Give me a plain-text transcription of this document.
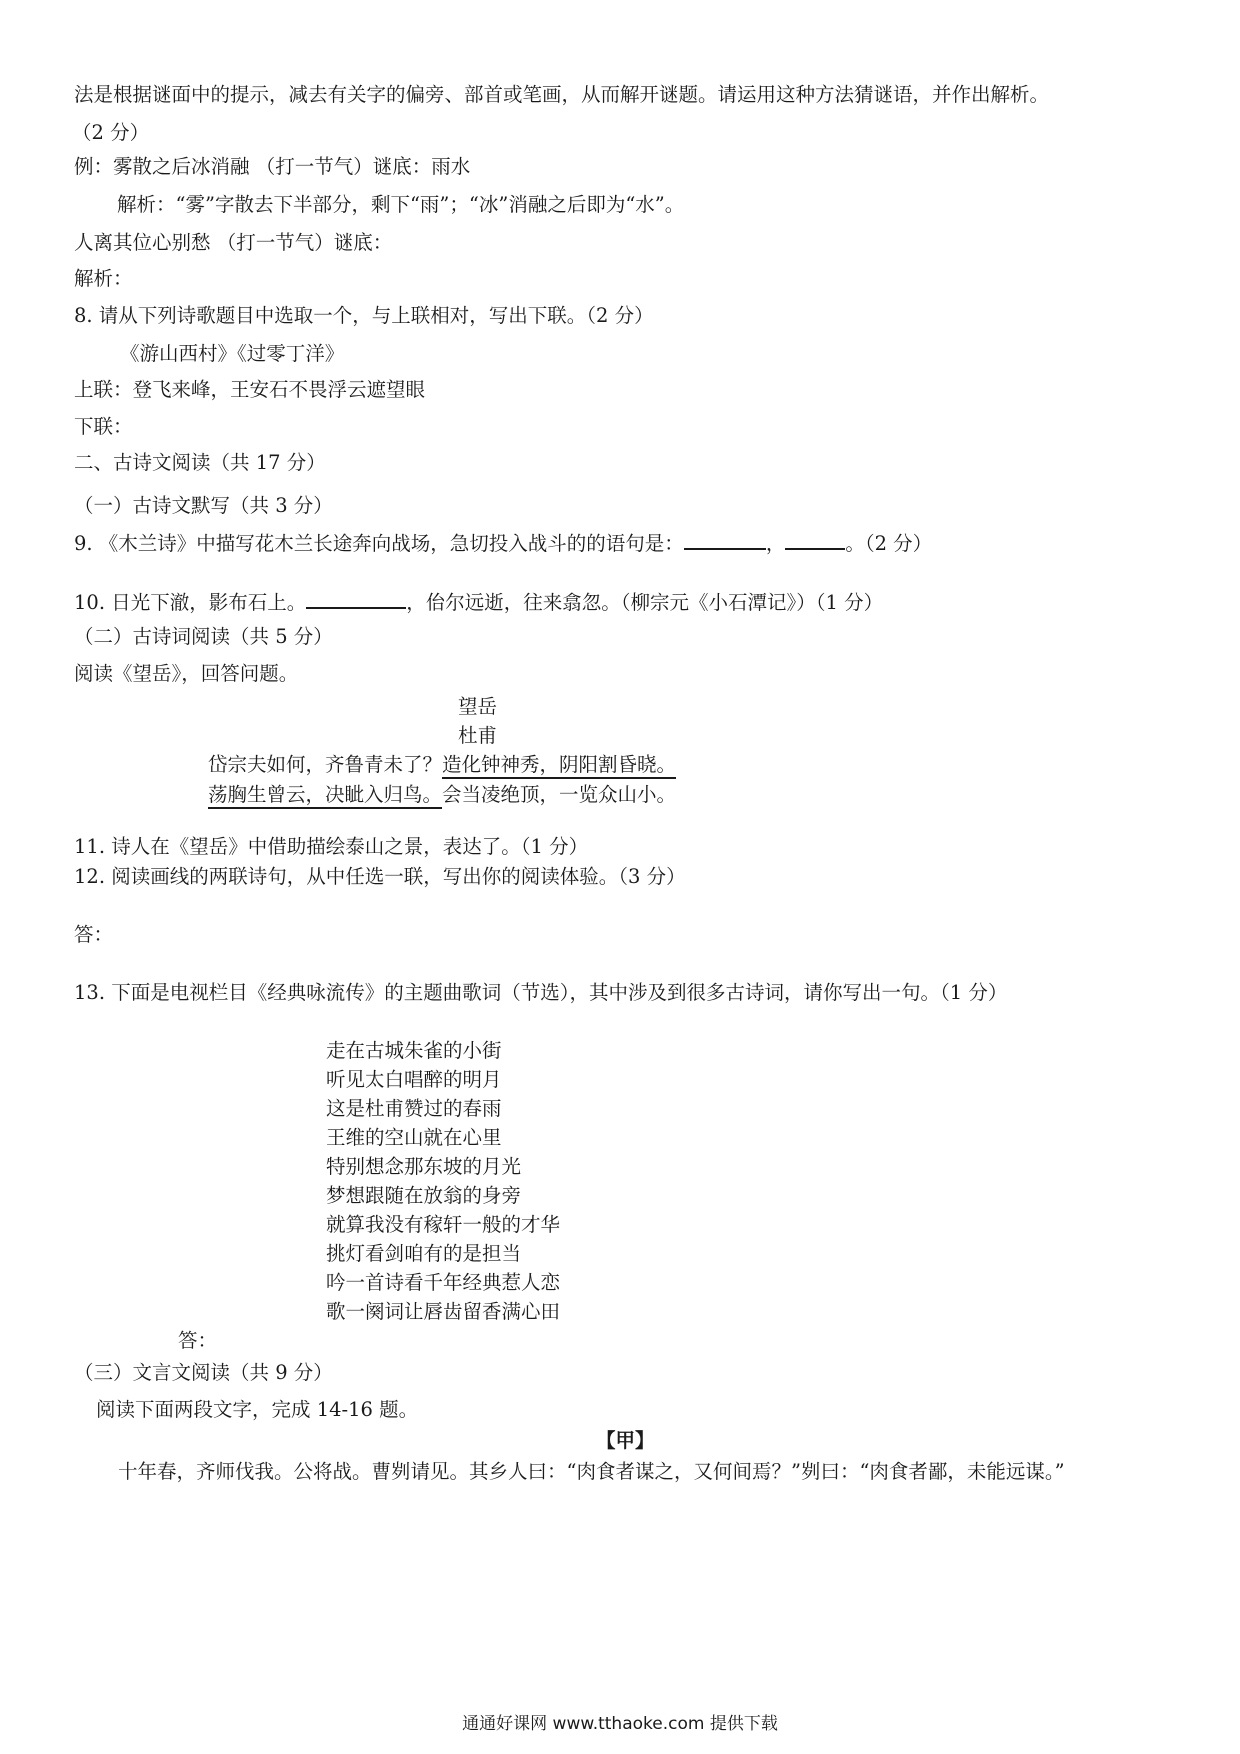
法是根据谜面中的提示，减去有关字的偏旁、部首或笔画，从而解开谜题。请运用这种方法猜谜语，并作出解析。
（2 分）
例：雾散之后冰消融 （打一节气）谜底：雨水
解析：“雾”字散去下半部分，剩下“雨”；“冰”消融之后即为“水”。
人离其位心别愁 （打一节气）谜底：
解析：
8. 请从下列诗歌题目中选取一个，与上联相对，写出下联。（2 分）
《游山西村》《过零丁洋》
上联：登飞来峰，王安石不畏浮云遮望眼
下联：
二、古诗文阅读（共 17 分）
（一）古诗文默写（共 3 分）
9. 《木兰诗》中描写花木兰长途奔向战场，急切投入战斗的的语句是：	，	。（2 分）
10. 日光下澈，影布石上。	，佁尔远逝，往来翕忽。（柳宗元《小石潭记》）（1 分）
（二）古诗词阅读（共 5 分）
阅读《望岳》，回答问题。
望岳
杜甫
岱宗夫如何，齐鲁青未了？造化钟神秀，阴阳割昏晓。
荡胸生曾云，决眦入归鸟。会当凌绝顶，一览众山小。
11. 诗人在《望岳》中借助描绘泰山之景，表达了。（1 分）
12. 阅读画线的两联诗句，从中任选一联，写出你的阅读体验。（3 分）
答：
13. 下面是电视栏目《经典咏流传》的主题曲歌词（节选），其中涉及到很多古诗词，请你写出一句。（1 分）
走在古城朱雀的小街
听见太白唱醉的明月
这是杜甫赞过的春雨
王维的空山就在心里
特别想念那东坡的月光
梦想跟随在放翁的身旁
就算我没有稼轩一般的才华
挑灯看剑咱有的是担当
吟一首诗看千年经典惹人恋
歌一阕词让唇齿留香满心田
答：
（三）文言文阅读（共 9 分）
阅读下面两段文字，完成 14-16 题。
【甲】
十年春，齐师伐我。公将战。曹刿请见。其乡人曰：“肉食者谋之，又何间焉？”刿曰：“肉食者鄙，未能远谋。”
通通好课网 www.tthaoke.com 提供下载
